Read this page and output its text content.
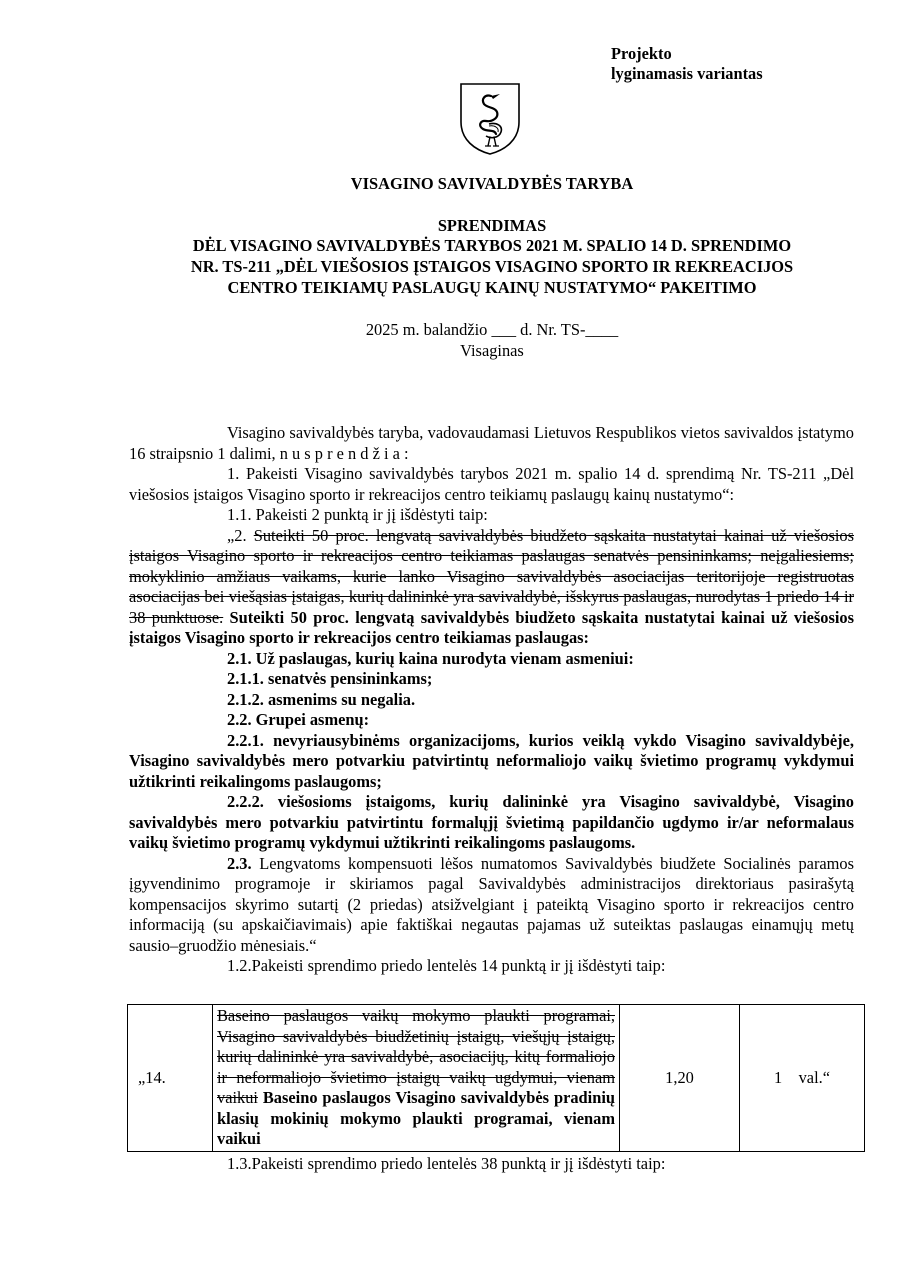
Projekto
lyginamasis variantas
VISAGINO SAVIVALDYBĖS TARYBA
SPRENDIMAS
DĖL VISAGINO SAVIVALDYBĖS TARYBOS 2021 M. SPALIO 14 D. SPRENDIMO
NR. TS-211 „DĖL VIEŠOSIOS ĮSTAIGOS VISAGINO SPORTO IR REKREACIJOS
CENTRO TEIKIAMŲ PASLAUGŲ KAINŲ NUSTATYMO“ PAKEITIMO
2025 m. balandžio ___ d. Nr. TS-____
Visaginas

Visagino savivaldybės taryba, vadovaudamasi Lietuvos Respublikos vietos savivaldos įstatymo 16 straipsnio 1 dalimi, n u s p r e n d ž i a :

1. Pakeisti Visagino savivaldybės tarybos 2021 m. spalio 14 d. sprendimą Nr. TS-211 „Dėl viešosios įstaigos Visagino sporto ir rekreacijos centro teikiamų paslaugų kainų nustatymo“:

1.1. Pakeisti 2 punktą ir jį išdėstyti taip:

„2. Suteikti 50 proc. lengvatą savivaldybės biudžeto sąskaita nustatytai kainai už viešosios įstaigos Visagino sporto ir rekreacijos centro teikiamas paslaugas senatvės pensininkams; neįgaliesiems; mokyklinio amžiaus vaikams, kurie lanko Visagino savivaldybės asociacijas teritorijoje registruotas asociacijas bei viešąsias įstaigas, kurių dalininkė yra savivaldybė, išskyrus paslaugas, nurodytas 1 priedo 14 ir 38 punktuose. Suteikti 50 proc. lengvatą savivaldybės biudžeto sąskaita nustatytai kainai už viešosios įstaigos Visagino sporto ir rekreacijos centro teikiamas paslaugas:

2.1. Už paslaugas, kurių kaina nurodyta vienam asmeniui:

2.1.1. senatvės pensininkams;

2.1.2. asmenims su negalia.

2.2. Grupei asmenų:

2.2.1. nevyriausybinėms organizacijoms, kurios veiklą vykdo Visagino savivaldybėje, Visagino savivaldybės mero potvarkiu patvirtintų neformaliojo vaikų švietimo programų vykdymui užtikrinti reikalingoms paslaugoms;

2.2.2. viešosioms įstaigoms, kurių dalininkė yra Visagino savivaldybė, Visagino savivaldybės mero potvarkiu patvirtintu formalųjį švietimą papildančio ugdymo ir/ar neformalaus vaikų švietimo programų vykdymui užtikrinti reikalingoms paslaugoms.

2.3. Lengvatoms kompensuoti lėšos numatomos Savivaldybės biudžete Socialinės paramos įgyvendinimo programoje ir skiriamos pagal Savivaldybės administracijos direktoriaus pasirašytą kompensacijos skyrimo sutartį (2 priedas) atsižvelgiant į pateiktą Visagino sporto ir rekreacijos centro informaciją (su apskaičiavimais) apie faktiškai negautas pajamas už suteiktas paslaugas einamųjų metų sausio–gruodžio mėnesiais.“

1.2.Pakeisti sprendimo priedo lentelės 14 punktą ir jį išdėstyti taip:

„14.	Baseino paslaugos vaikų mokymo plaukti programai, Visagino savivaldybės biudžetinių įstaigų, viešųjų įstaigų, kurių dalininkė yra savivaldybė, asociacijų, kitų formaliojo ir neformaliojo švietimo įstaigų vaikų ugdymui, vienam vaikui Baseino paslaugos Visagino savivaldybės pradinių klasių mokinių mokymo plaukti programai, vienam vaikui	1,20	1 val.“
1.3.Pakeisti sprendimo priedo lentelės 38 punktą ir jį išdėstyti taip:
